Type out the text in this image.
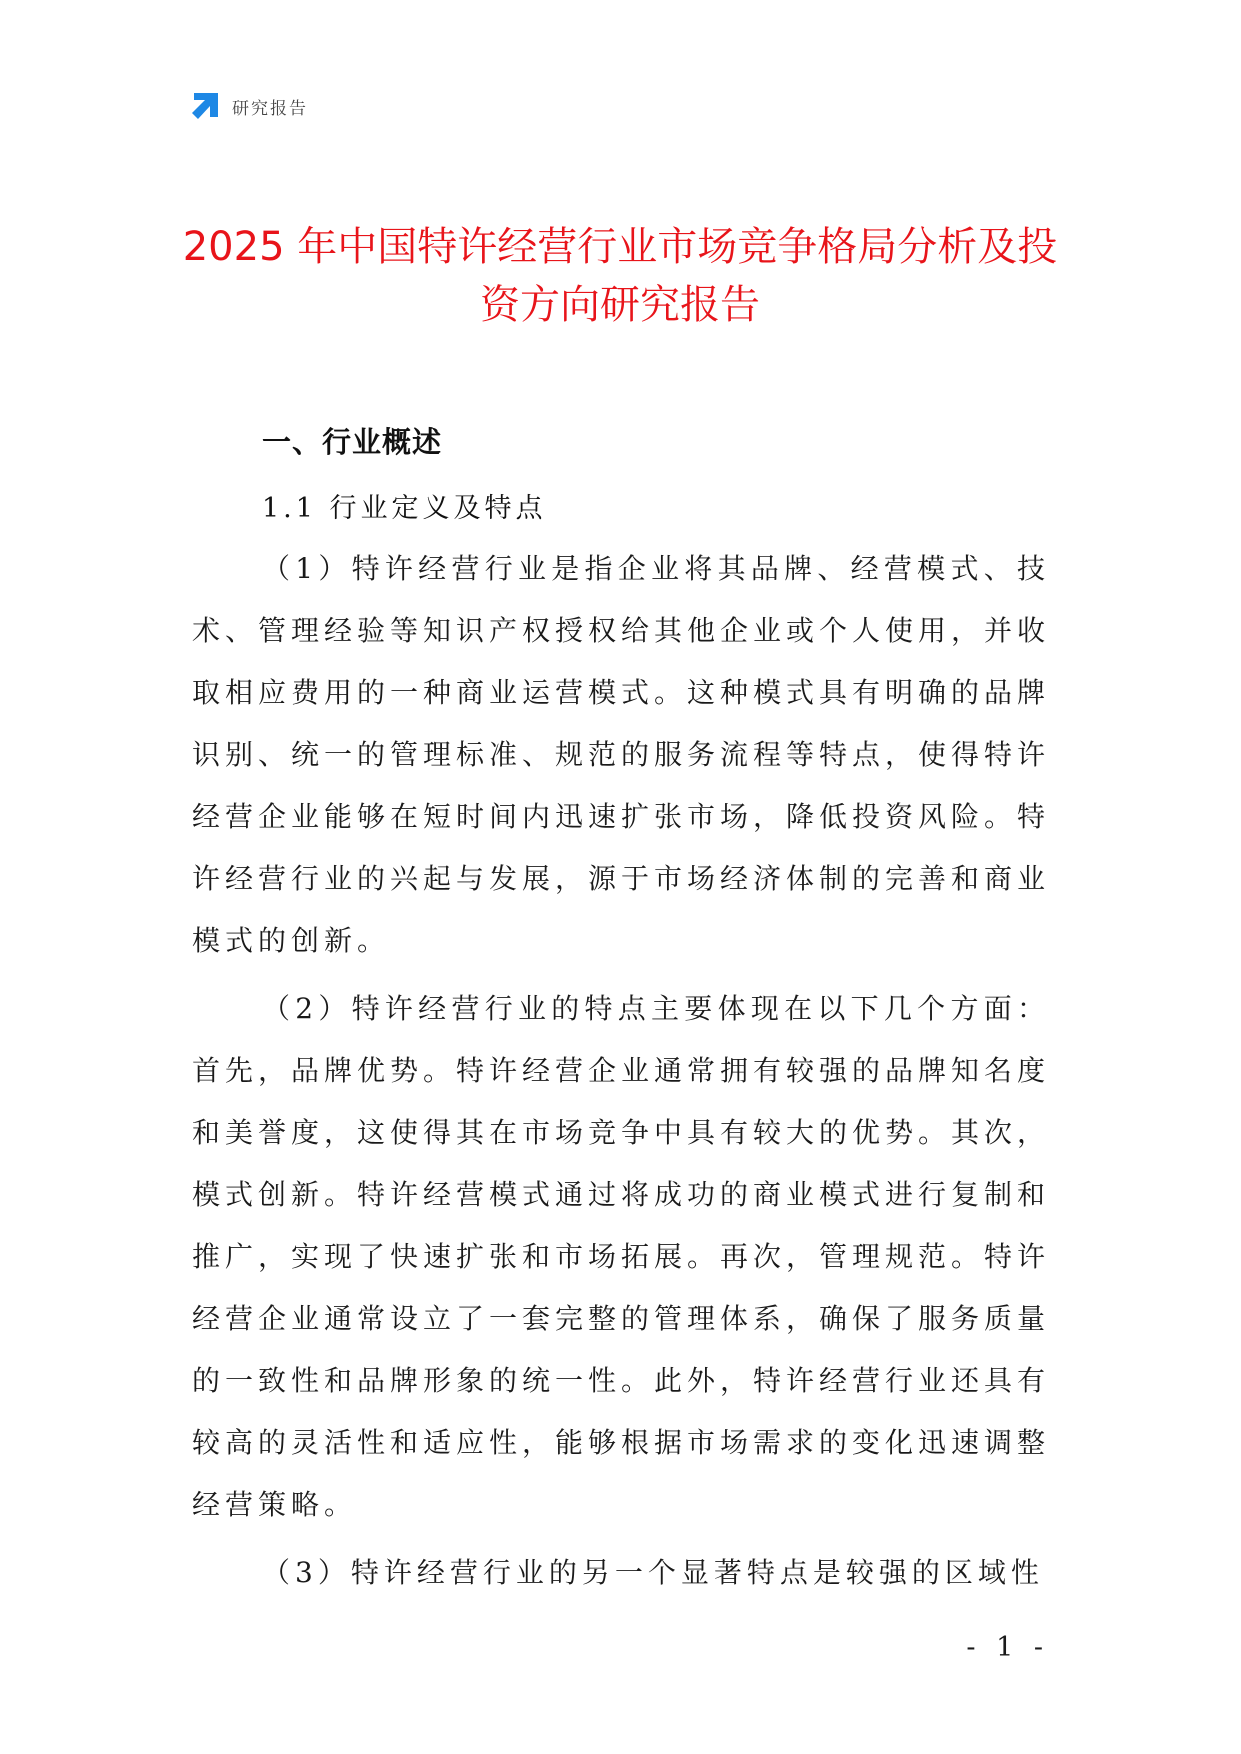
研究报告
2025 年中国特许经营行业市场竞争格局分析及投资方向研究报告
一、行业概述
1.1 行业定义及特点

（1）特许经营行业是指企业将其品牌、经营模式、技术、管理经验等知识产权授权给其他企业或个人使用，并收取相应费用的一种商业运营模式。这种模式具有明确的品牌识别、统一的管理标准、规范的服务流程等特点，使得特许经营企业能够在短时间内迅速扩张市场，降低投资风险。特许经营行业的兴起与发展，源于市场经济体制的完善和商业模式的创新。

（2）特许经营行业的特点主要体现在以下几个方面：首先，品牌优势。特许经营企业通常拥有较强的品牌知名度和美誉度，这使得其在市场竞争中具有较大的优势。其次，模式创新。特许经营模式通过将成功的商业模式进行复制和推广，实现了快速扩张和市场拓展。再次，管理规范。特许经营企业通常设立了一套完整的管理体系，确保了服务质量的一致性和品牌形象的统一性。此外，特许经营行业还具有较高的灵活性和适应性，能够根据市场需求的变化迅速调整经营策略。

（3）特许经营行业的另一个显著特点是较强的区域性

- 1 -
